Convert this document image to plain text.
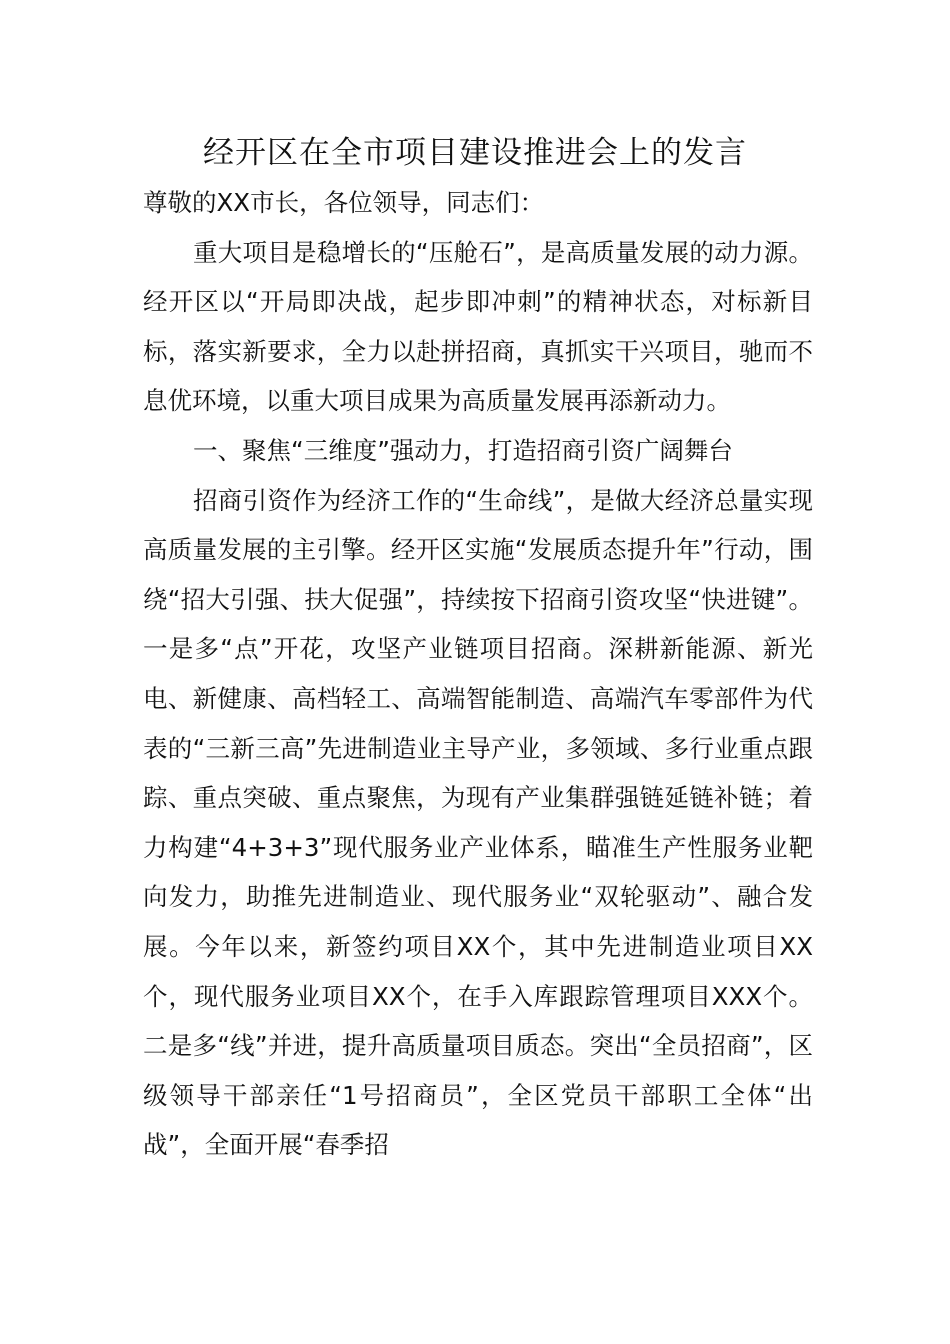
经开区在全市项目建设推进会上的发言

尊敬的XX市长，各位领导，同志们：

重大项目是稳增长的“压舱石”，是高质量发展的动力源。经开区以“开局即决战，起步即冲刺”的精神状态，对标新目标，落实新要求，全力以赴拼招商，真抓实干兴项目，驰而不息优环境，以重大项目成果为高质量发展再添新动力。

一、聚焦“三维度”强动力，打造招商引资广阔舞台

招商引资作为经济工作的“生命线”，是做大经济总量实现高质量发展的主引擎。经开区实施“发展质态提升年”行动，围绕“招大引强、扶大促强”，持续按下招商引资攻坚“快进键”。一是多“点”开花，攻坚产业链项目招商。深耕新能源、新光电、新健康、高档轻工、高端智能制造、高端汽车零部件为代表的“三新三高”先进制造业主导产业，多领域、多行业重点跟踪、重点突破、重点聚焦，为现有产业集群强链延链补链；着力构建“4+3+3”现代服务业产业体系，瞄准生产性服务业靶向发力，助推先进制造业、现代服务业“双轮驱动”、融合发展。今年以来，新签约项目XX个，其中先进制造业项目XX个，现代服务业项目XX个，在手入库跟踪管理项目XXX个。二是多“线”并进，提升高质量项目质态。突出“全员招商”，区级领导干部亲任“1号招商员”，全区党员干部职工全体“出战”，全面开展“春季招
